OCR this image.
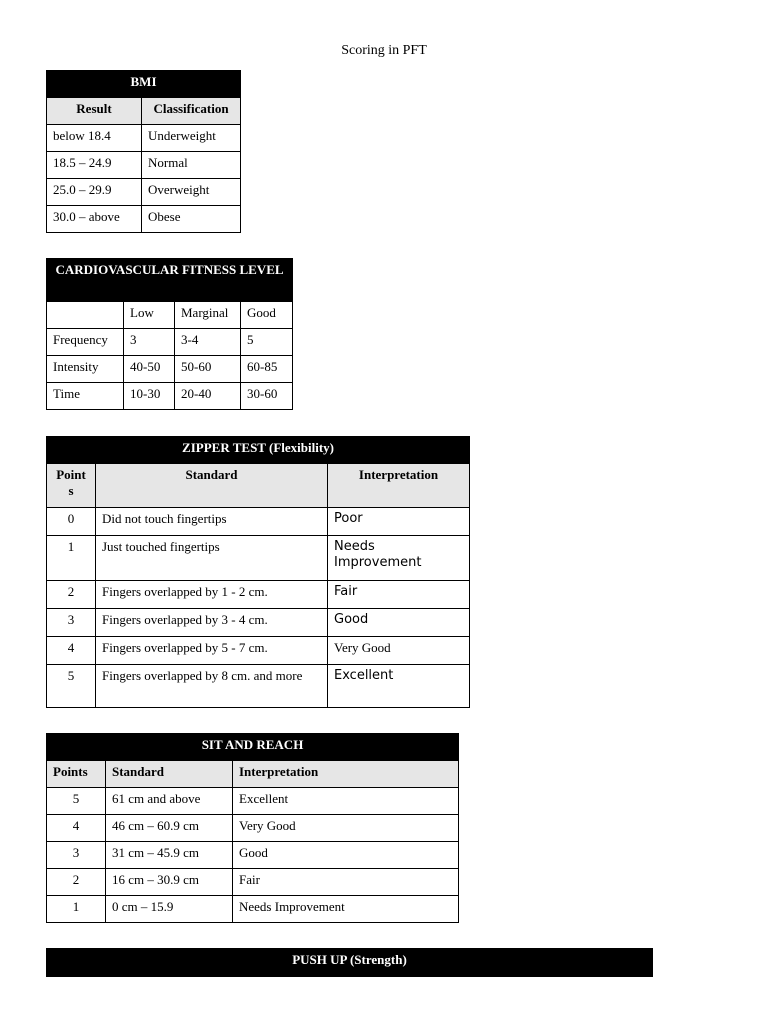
Scoring in PFT
BMI	
Result	Classification
below 18.4	Underweight
18.5 – 24.9	Normal
25.0 – 29.9	Overweight
30.0 – above	Obese
CARDIOVASCULAR FITNESS LEVEL			
	Low	Marginal	Good
Frequency	3	3-4	5
Intensity	40-50	50-60	60-85
Time	10-30	20-40	30-60
ZIPPER TEST (Flexibility)		
Point s	Standard	Interpretation
0	Did not touch fingertips	Poor
1	Just touched fingertips	Needs Improvement
2	Fingers overlapped by 1 - 2 cm.	Fair
3	Fingers overlapped by 3 - 4 cm.	Good
4	Fingers overlapped by 5 - 7 cm.	Very Good
5	Fingers overlapped by 8 cm. and more	Excellent
SIT AND REACH		
Points	Standard	Interpretation
5	61 cm and above	Excellent
4	46 cm – 60.9 cm	Very Good
3	31 cm – 45.9 cm	Good
2	16 cm – 30.9 cm	Fair
1	0 cm – 15.9	Needs Improvement
PUSH UP (Strength)
